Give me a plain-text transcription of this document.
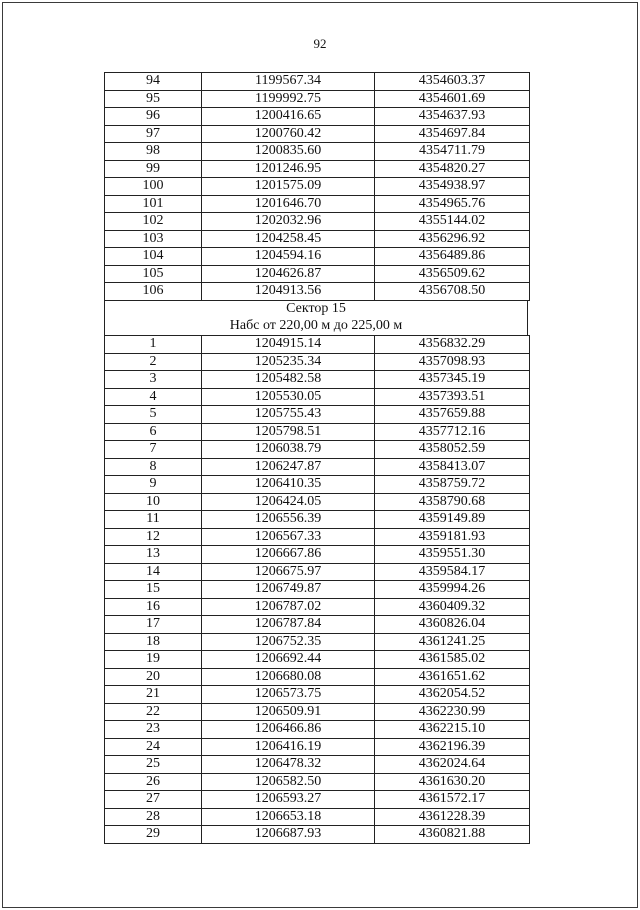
92
94	1199567.34	4354603.37
95	1199992.75	4354601.69
96	1200416.65	4354637.93
97	1200760.42	4354697.84
98	1200835.60	4354711.79
99	1201246.95	4354820.27
100	1201575.09	4354938.97
101	1201646.70	4354965.76
102	1202032.96	4355144.02
103	1204258.45	4356296.92
104	1204594.16	4356489.86
105	1204626.87	4356509.62
106	1204913.56	4356708.50
Сектор 15
Набс от 220,00 м до 225,00 м
1	1204915.14	4356832.29
2	1205235.34	4357098.93
3	1205482.58	4357345.19
4	1205530.05	4357393.51
5	1205755.43	4357659.88
6	1205798.51	4357712.16
7	1206038.79	4358052.59
8	1206247.87	4358413.07
9	1206410.35	4358759.72
10	1206424.05	4358790.68
11	1206556.39	4359149.89
12	1206567.33	4359181.93
13	1206667.86	4359551.30
14	1206675.97	4359584.17
15	1206749.87	4359994.26
16	1206787.02	4360409.32
17	1206787.84	4360826.04
18	1206752.35	4361241.25
19	1206692.44	4361585.02
20	1206680.08	4361651.62
21	1206573.75	4362054.52
22	1206509.91	4362230.99
23	1206466.86	4362215.10
24	1206416.19	4362196.39
25	1206478.32	4362024.64
26	1206582.50	4361630.20
27	1206593.27	4361572.17
28	1206653.18	4361228.39
29	1206687.93	4360821.88
